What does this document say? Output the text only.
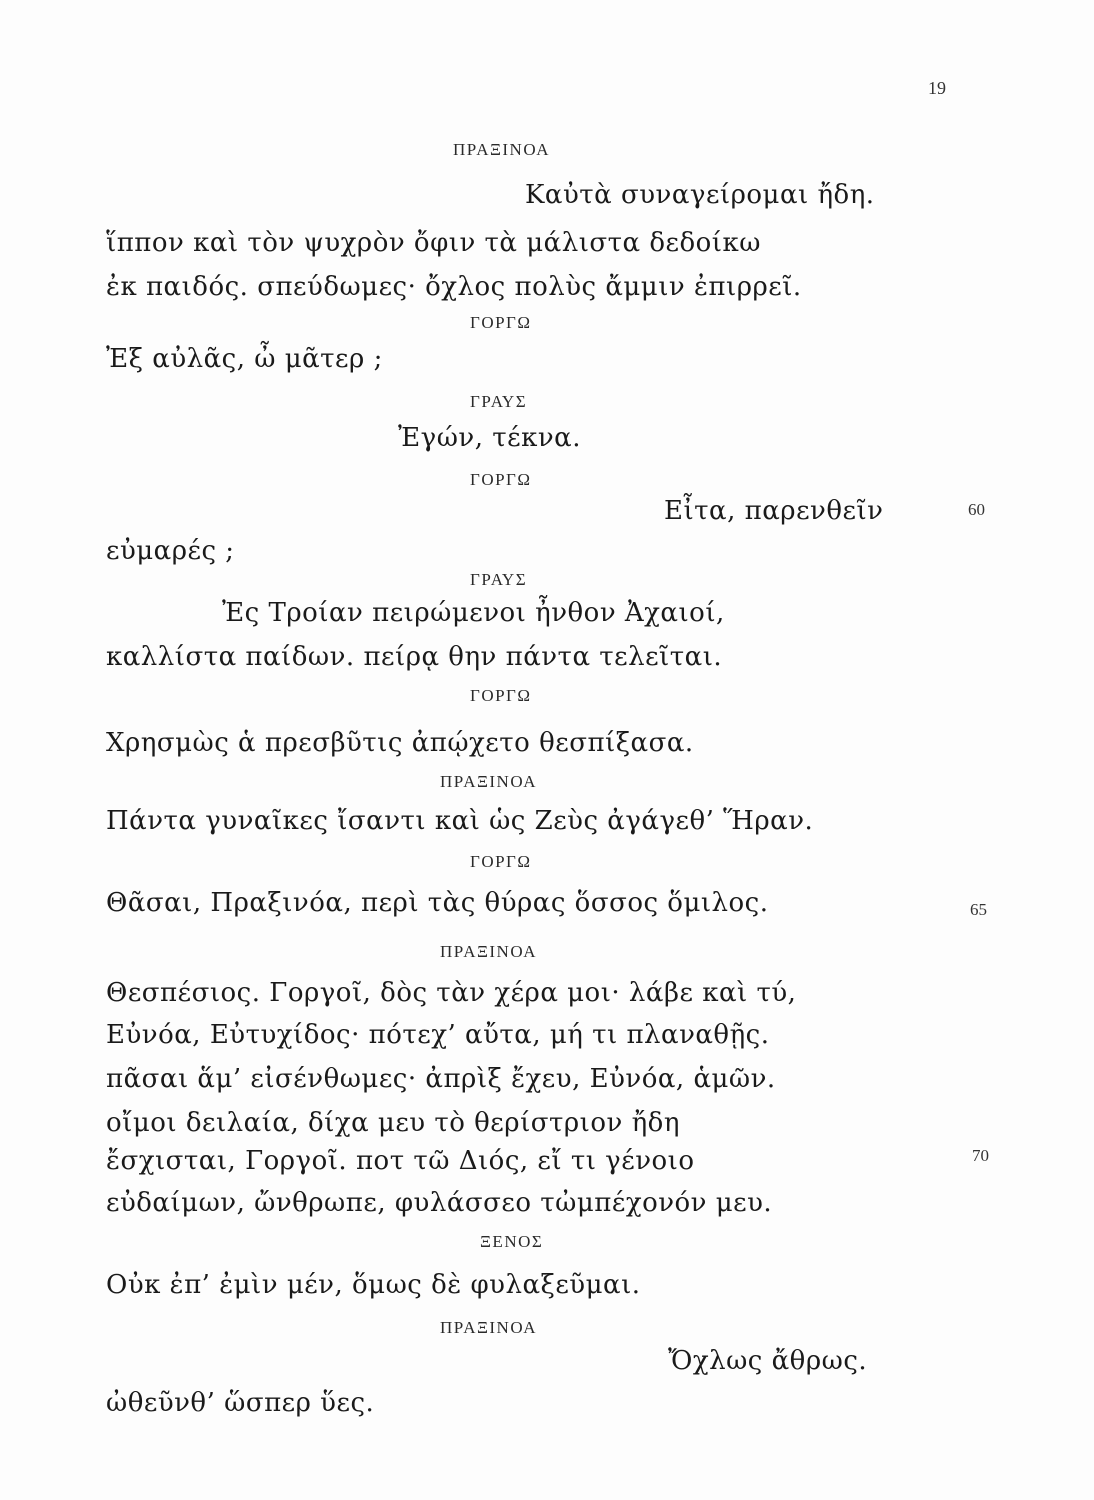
19
ΠΡΑΞΙΝΟΑ
Καὐτὰ συναγείρομαι ἤδη.
ἵππον καὶ τὸν ψυχρὸν ὄφιν τὰ μάλιστα δεδοίκω
ἐκ παιδός. σπεύδωμες· ὄχλος πολὺς ἄμμιν ἐπιρρεῖ.
ΓΟΡΓΩ
Ἐξ αὐλᾶς, ὦ μᾶτερ ;
ΓΡΑΥΣ
Ἐγών, τέκνα.
ΓΟΡΓΩ
Εἶτα, παρενθεῖν	60
εὐμαρές ;
ΓΡΑΥΣ
Ἐς Τροίαν πειρώμενοι ἦνθον Ἀχαιοί,
καλλίστα παίδων. πείρᾳ θην πάντα τελεῖται.
ΓΟΡΓΩ
Χρησμὼς ἁ πρεσβῦτις ἀπῴχετο θεσπίξασα.
ΠΡΑΞΙΝΟΑ
Πάντα γυναῖκες ἴσαντι καὶ ὡς Ζεὺς ἀγάγεθ’ Ἥραν.
ΓΟΡΓΩ
Θᾶσαι, Πραξινόα, περὶ τὰς θύρας ὅσσος ὅμιλος.	65
ΠΡΑΞΙΝΟΑ
Θεσπέσιος. Γοργοῖ, δὸς τὰν χέρα μοι· λάβε καὶ τύ,
Εὐνόα, Εὐτυχίδος· πότεχ’ αὔτα, μή τι πλαναθῇς.
πᾶσαι ἅμ’ εἰσένθωμες· ἀπρὶξ ἔχευ, Εὐνόα, ἁμῶν.
οἴμοι δειλαία, δίχα μευ τὸ θερίστριον ἤδη
ἔσχισται, Γοργοῖ. ποτ τῶ Διός, εἴ τι γένοιο	70
εὐδαίμων, ὤνθρωπε, φυλάσσεο τὠμπέχονόν μευ.
ΞΕΝΟΣ
Οὐκ ἐπ’ ἐμὶν μέν, ὅμως δὲ φυλαξεῦμαι.
ΠΡΑΞΙΝΟΑ
Ὄχλως ἄθρως.
ὠθεῦνθ’ ὥσπερ ὕες.
